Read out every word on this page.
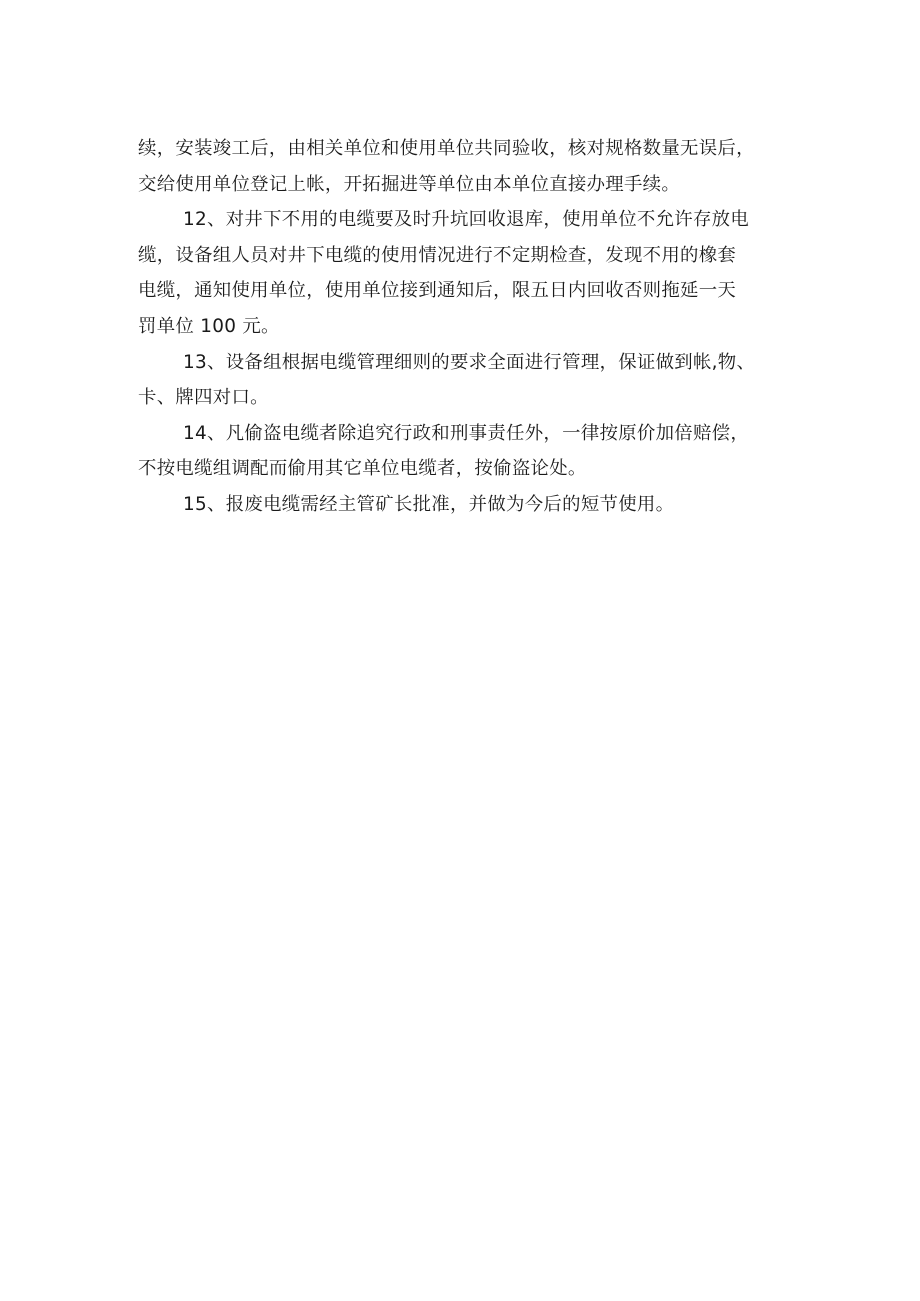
续，安装竣工后，由相关单位和使用单位共同验收，核对规格数量无误后，
交给使用单位登记上帐，开拓掘进等单位由本单位直接办理手续。
12、对井下不用的电缆要及时升坑回收退库，使用单位不允许存放电
缆，设备组人员对井下电缆的使用情况进行不定期检查，发现不用的橡套
电缆，通知使用单位，使用单位接到通知后，限五日内回收否则拖延一天
罚单位 100 元。
13、设备组根据电缆管理细则的要求全面进行管理，保证做到帐,物、
卡、牌四对口。
14、凡偷盗电缆者除追究行政和刑事责任外，一律按原价加倍赔偿，
不按电缆组调配而偷用其它单位电缆者，按偷盗论处。
15、报废电缆需经主管矿长批准，并做为今后的短节使用。
